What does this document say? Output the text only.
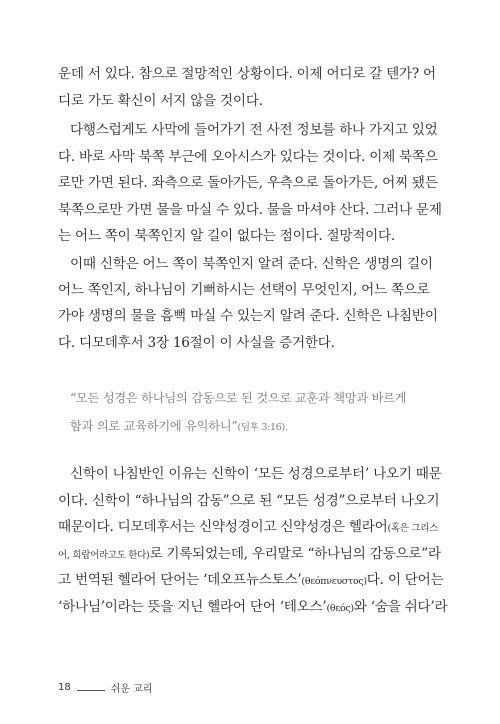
운데 서 있다. 참으로 절망적인 상황이다. 이제 어디로 갈 텐가? 어
디로 가도 확신이 서지 않을 것이다.
다행스럽게도 사막에 들어가기 전 사전 정보를 하나 가지고 있었
다. 바로 사막 북쪽 부근에 오아시스가 있다는 것이다. 이제 북쪽으
로만 가면 된다. 좌측으로 돌아가든, 우측으로 돌아가든, 어찌 됐든
북쪽으로만 가면 물을 마실 수 있다. 물을 마셔야 산다. 그러나 문제
는 어느 쪽이 북쪽인지 알 길이 없다는 점이다. 절망적이다.
이때 신학은 어느 쪽이 북쪽인지 알려 준다. 신학은 생명의 길이
어느 쪽인지, 하나님이 기뻐하시는 선택이 무엇인지, 어느 쪽으로
가야 생명의 물을 흠뻑 마실 수 있는지 알려 준다. 신학은 나침반이
다. 디모데후서 3장 16절이 이 사실을 증거한다.
“모든 성경은 하나님의 감동으로 된 것으로 교훈과 책망과 바르게
함과 의로 교육하기에 유익하니”(딤후 3:16).
신학이 나침반인 이유는 신학이 ‘모든 성경으로부터’ 나오기 때문
이다. 신학이 “하나님의 감동”으로 된 “모든 성경”으로부터 나오기
때문이다. 디모데후서는 신약성경이고 신약성경은 헬라어(혹은 그리스
어, 희랍어라고도 한다)로 기록되었는데, 우리말로 “하나님의 감동으로”라
고 번역된 헬라어 단어는 ‘데오프뉴스토스’(θεόπνευστος)다. 이 단어는
‘하나님’이라는 뜻을 지닌 헬라어 단어 ‘테오스’(θεός)와 ‘숨을 쉬다’라
18	쉬운 교리
